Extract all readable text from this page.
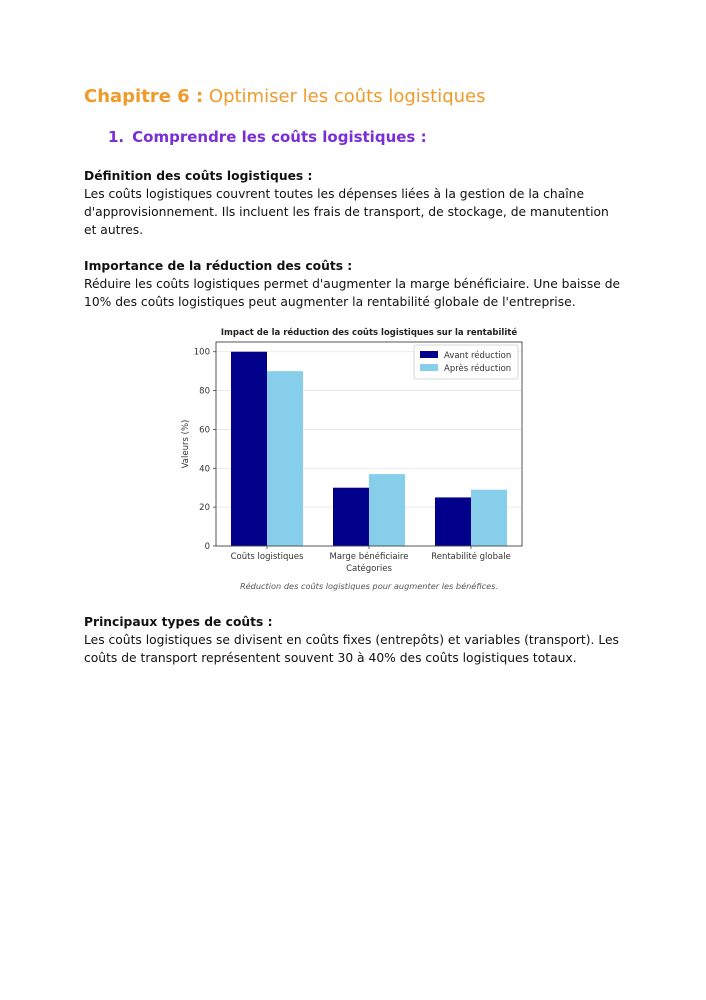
Chapitre 6 : Optimiser les coûts logistiques
1. Comprendre les coûts logistiques :
Définition des coûts logistiques :
Les coûts logistiques couvrent toutes les dépenses liées à la gestion de la chaîne d'approvisionnement. Ils incluent les frais de transport, de stockage, de manutention et autres.
Importance de la réduction des coûts :
Réduire les coûts logistiques permet d'augmenter la marge bénéficiaire. Une baisse de 10% des coûts logistiques peut augmenter la rentabilité globale de l'entreprise.
Impact de la réduction des coûts logistiques sur la rentabilité
0
20
40
60
80
100
Coûts logistiques	Marge bénéficiaire	Rentabilité globale
Catégories
Valeurs (%)
Avant réduction
Après réduction
Réduction des coûts logistiques pour augmenter les bénéfices.
Principaux types de coûts :
Les coûts logistiques se divisent en coûts fixes (entrepôts) et variables (transport). Les coûts de transport représentent souvent 30 à 40% des coûts logistiques totaux.
